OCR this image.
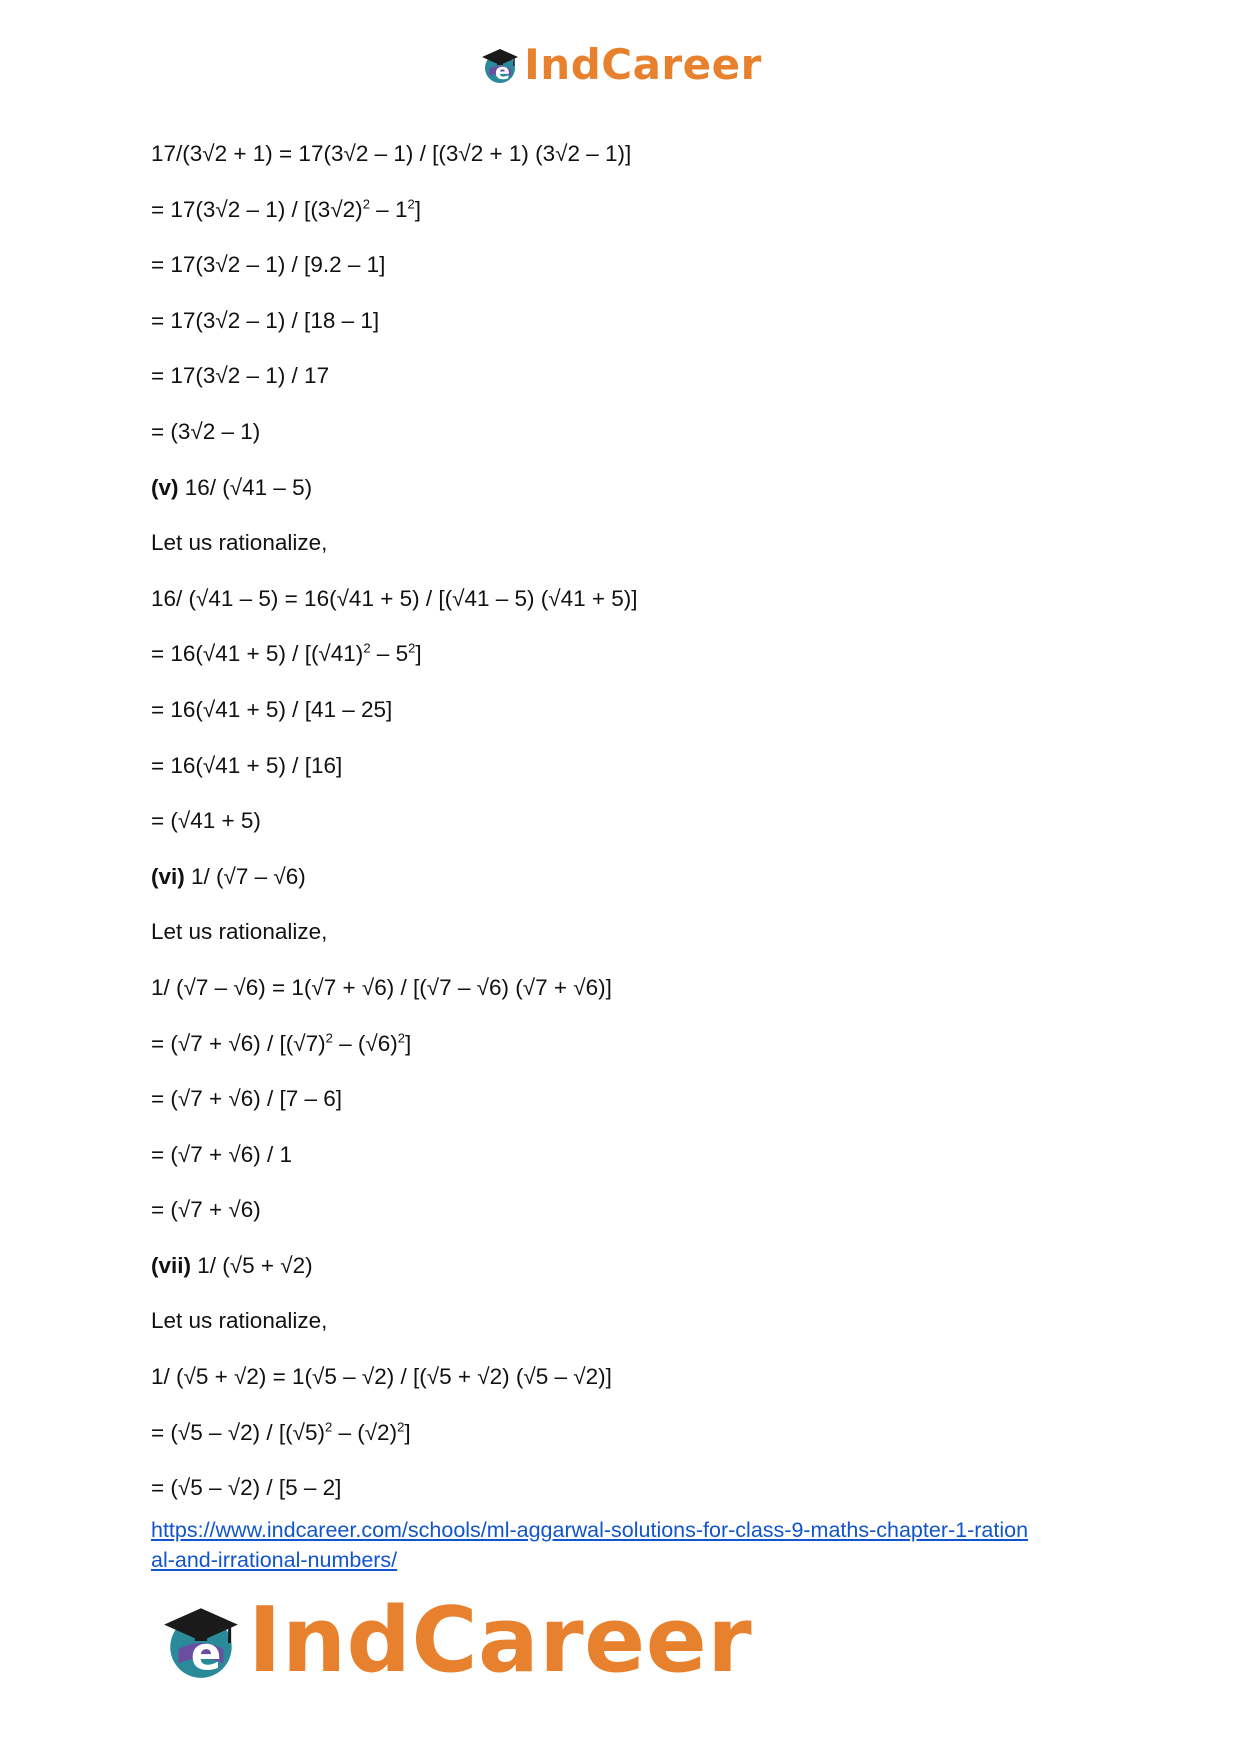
e IndCareer
17/(3√2 + 1) = 17(3√2 – 1) / [(3√2 + 1) (3√2 – 1)]
= $17(3√2 - 1) / [(3√2)^2 - 1^2]$
= 17(3√2 – 1) / [9.2 – 1]
= 17(3√2 – 1) / [18 – 1]
= 17(3√2 – 1) / 17
= (3√2 – 1)
(v) 16/ (√41 – 5)
Let us rationalize,
16/ (√41 – 5) = 16(√41 + 5) / [(√41 – 5) (√41 + 5)]
= $16(√41 + 5) / [(√41)^2 - 5^2]$
= 16(√41 + 5) / [41 – 25]
= 16(√41 + 5) / [16]
= (√41 + 5)
(vi) 1/ (√7 – √6)
Let us rationalize,
1/ (√7 – √6) = 1(√7 + √6) / [(√7 – √6) (√7 + √6)]
= $(√7 + √6) / [(√7)^2 - (√6)^2]$
= (√7 + √6) / [7 – 6]
= (√7 + √6) / 1
= (√7 + √6)
(vii) 1/ (√5 + √2)
Let us rationalize,
1/ (√5 + √2) = 1(√5 – √2) / [(√5 + √2) (√5 – √2)]
= $(√5 - √2) / [(√5)^2 - (√2)^2]$
= (√5 – √2) / [5 – 2]
https://www.indcareer.com/schools/ml-aggarwal-solutions-for-class-9-maths-chapter-1-ration
al-and-irrational-numbers/
e IndCareer
